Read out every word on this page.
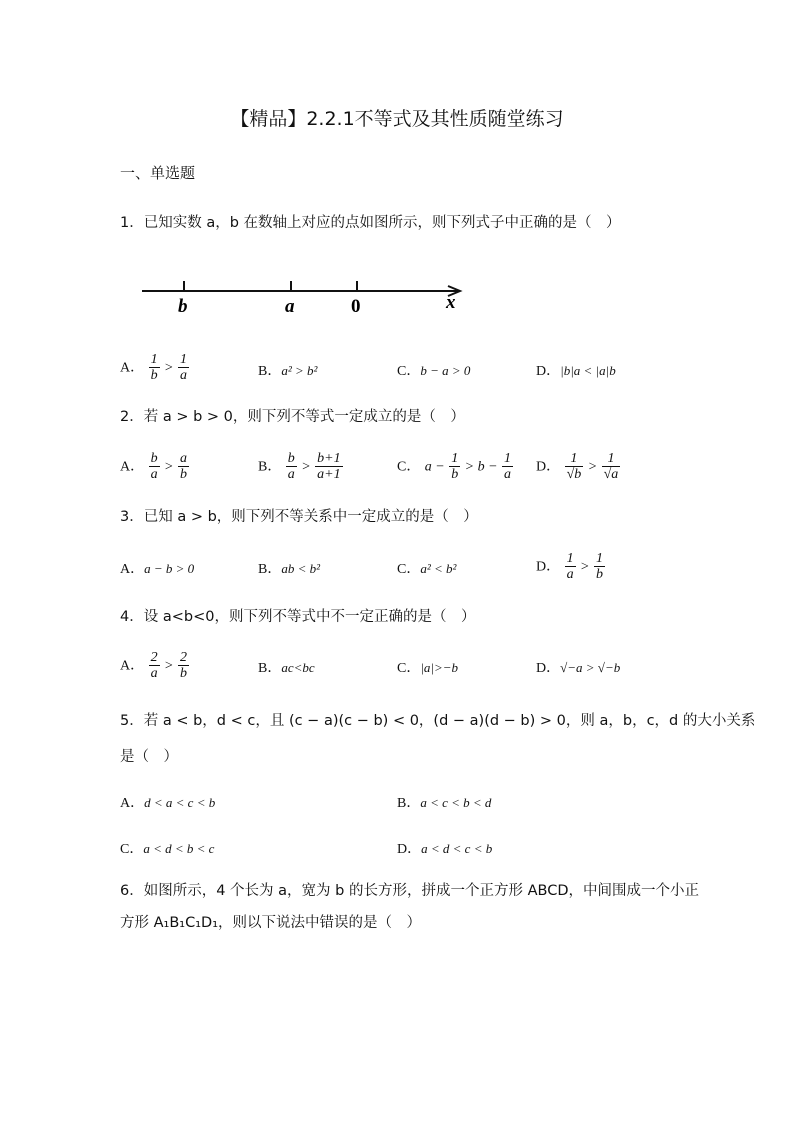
【精品】2.2.1不等式及其性质随堂练习
一、单选题
1．已知实数 a，b 在数轴上对应的点如图所示，则下列式子中正确的是（　）
b	a	0	x
A． $\frac{1}{b} > \frac{1}{a}$	B．a² > b²	C．b − a > 0	D．|b|a < |a|b
2．若 a > b > 0，则下列不等式一定成立的是（　）
A． $\frac{b}{a} > \frac{a}{b}$	B． $\frac{b}{a} > \frac{b+1}{a+1}$	C． $a - \frac{1}{b} > b - \frac{1}{a}$ D． $\frac{1}{√b} > \frac{1}{√a}$
3．已知 a > b，则下列不等关系中一定成立的是（　）
A．a − b > 0	B．ab < b²	C．a² < b²	D． $\frac{1}{a} > \frac{1}{b}$
4．设 a<b<0，则下列不等式中不一定正确的是（　）
A． $\frac{2}{a} > \frac{2}{b}$	B．ac<bc	C．|a|>−b	D．√−a > √−b
5．若 a < b，d < c，且 (c − a)(c − b) < 0，(d − a)(d − b) > 0，则 a，b，c，d 的大小关系
是（　）
A．d < a < c < b	B．a < c < b < d
C．a < d < b < c	D．a < d < c < b
6．如图所示，4 个长为 a，宽为 b 的长方形，拼成一个正方形 ABCD，中间围成一个小正
方形 A₁B₁C₁D₁，则以下说法中错误的是（　）
